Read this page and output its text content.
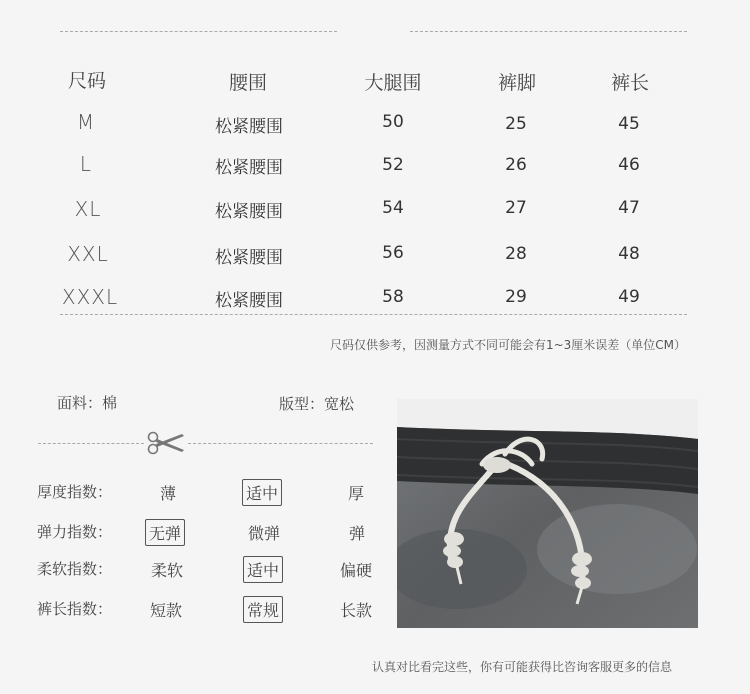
尺码	腰围	大腿围	裤脚	裤长
M	松紧腰围	50	25	45
L	松紧腰围	52	26	46
XL	松紧腰围	54	27	47
XXL	松紧腰围	56	28	48
XXXL	松紧腰围	58	29	49
尺码仅供参考，因测量方式不同可能会有1~3厘米误差（单位CM）
面料：棉	版型：宽松
厚度指数：	薄	适中	厚
弹力指数： 无弹	微弹	弹
柔软指数： 柔软	适中	偏硬
裤长指数： 短款	常规	长款
认真对比看完这些，你有可能获得比咨询客服更多的信息
